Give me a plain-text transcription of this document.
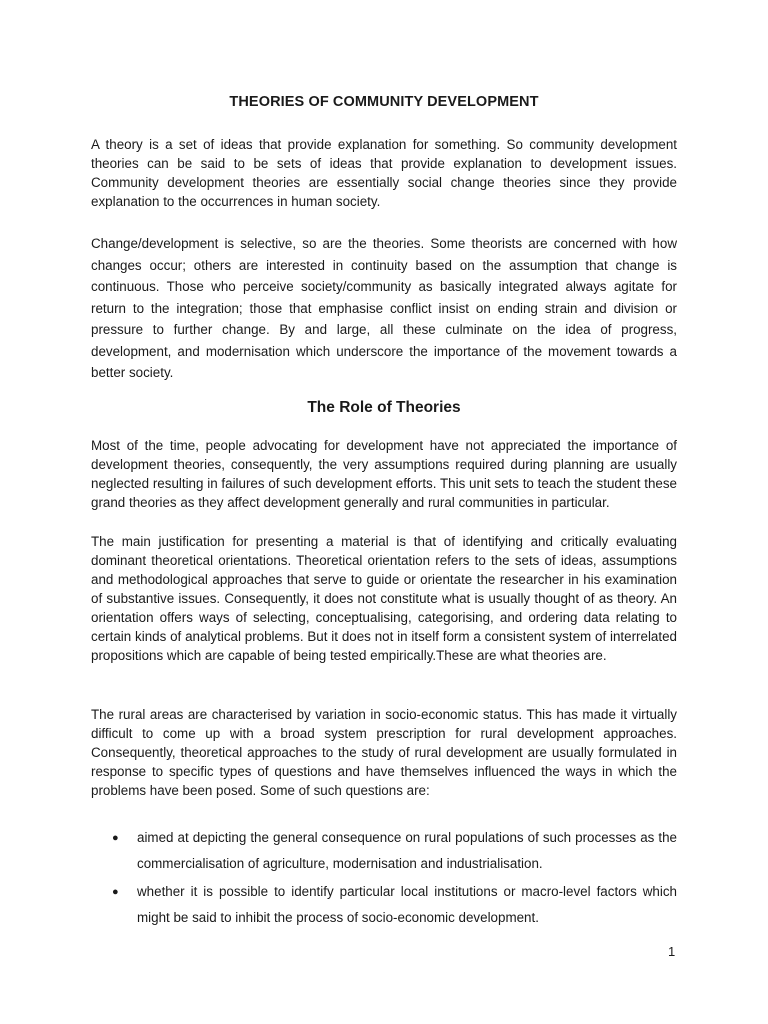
THEORIES OF COMMUNITY DEVELOPMENT

A theory is a set of ideas that provide explanation for something. So community development theories can be said to be sets of ideas that provide explanation to development issues. Community development theories are essentially social change theories since they provide explanation to the occurrences in human society.

Change/development is selective, so are the theories. Some theorists are concerned with how changes occur; others are interested in continuity based on the assumption that change is continuous. Those who perceive society/community as basically integrated always agitate for return to the integration; those that emphasise conflict insist on ending strain and division or pressure to further change. By and large, all these culminate on the idea of progress, development, and modernisation which underscore the importance of the movement towards a better society.

The Role of Theories

Most of the time, people advocating for development have not appreciated the importance of development theories, consequently, the very assumptions required during planning are usually neglected resulting in failures of such development efforts. This unit sets to teach the student these grand theories as they affect development generally and rural communities in particular.

The main justification for presenting a material is that of identifying and critically evaluating dominant theoretical orientations. Theoretical orientation refers to the sets of ideas, assumptions and methodological approaches that serve to guide or orientate the researcher in his examination of substantive issues. Consequently, it does not constitute what is usually thought of as theory. An orientation offers ways of selecting, conceptualising, categorising, and ordering data relating to certain kinds of analytical problems. But it does not in itself form a consistent system of interrelated propositions which are capable of being tested empirically.These are what theories are.

The rural areas are characterised by variation in socio-economic status. This has made it virtually difficult to come up with a broad system prescription for rural development approaches. Consequently, theoretical approaches to the study of rural development are usually formulated in response to specific types of questions and have themselves influenced the ways in which the problems have been posed. Some of such questions are:

● aimed at depicting the general consequence on rural populations of such processes as the commercialisation of agriculture, modernisation and industrialisation.
● whether it is possible to identify particular local institutions or macro-level factors which might be said to inhibit the process of socio-economic development.
1
